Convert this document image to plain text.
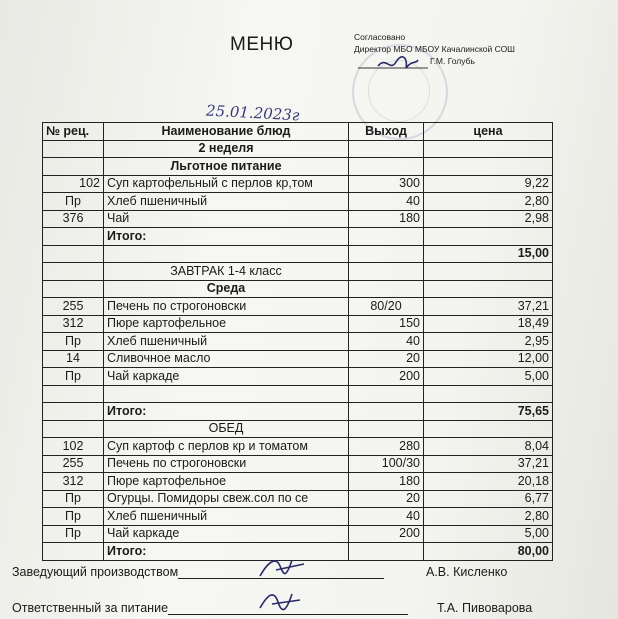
МЕНЮ	Согласовано
Директор МБО МБОУ Качалинской СОШ
Г.М. Голубь
25.01.2023г
№ рец.	Наименование блюд	Выход	цена
	2 неделя		
	Льготное питание		
102	Суп картофельный с перлов кр,том	300	9,22
Пр	Хлеб пшеничный	40	2,80
376	Чай	180	2,98
	Итого:		
			15,00
	ЗАВТРАК 1-4 класс		
	Среда		
255	Печень по строгоновски	80/20	37,21
312	Пюре картофельное	150	18,49
Пр	Хлеб пшеничный	40	2,95
14	Сливочное масло	20	12,00
Пр	Чай каркаде	200	5,00

	Итого:		75,65
	ОБЕД		
102	Суп картоф с перлов кр и томатом	280	8,04
255	Печень по строгоновски	100/30	37,21
312	Пюре картофельное	180	20,18
Пр	Огурцы. Помидоры свеж.сол по се	20	6,77
Пр	Хлеб пшеничный	40	2,80
Пр	Чай каркаде	200	5,00
	Итого:		80,00
Заведующий производством	А.В. Кисленко
Ответственный за питание	Т.А. Пивоварова
